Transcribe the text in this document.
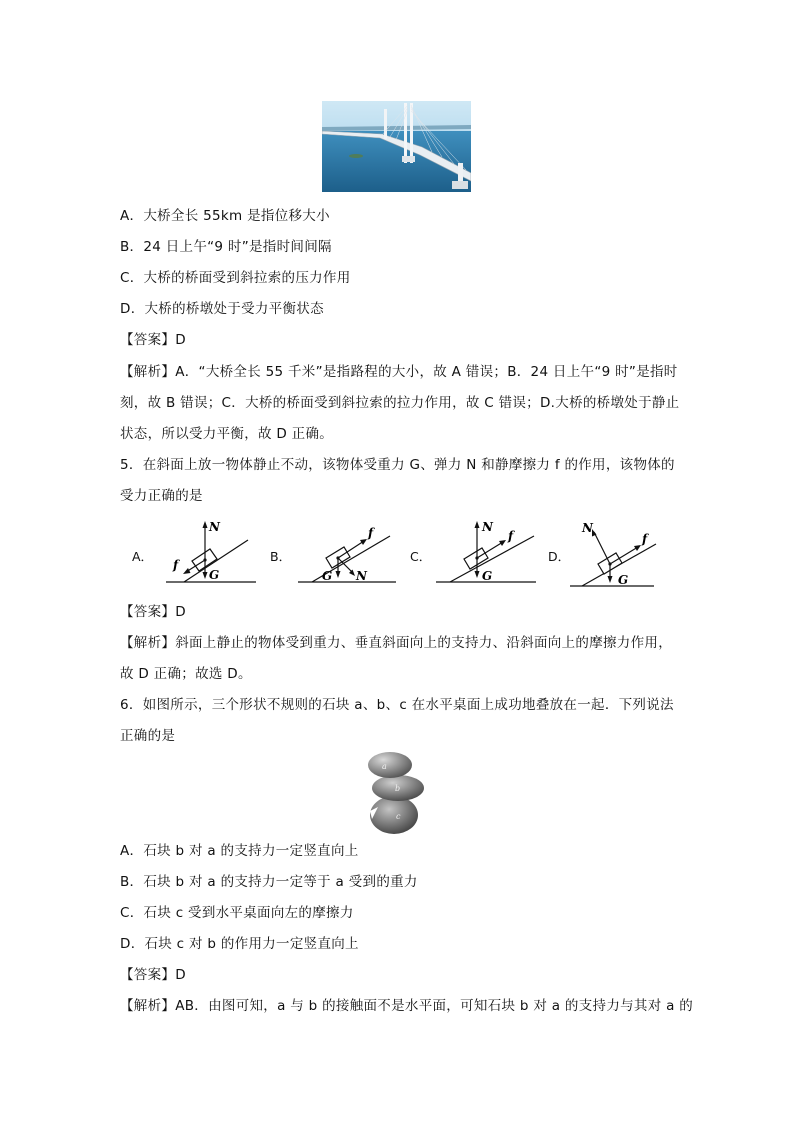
A．大桥全长 55km 是指位移大小
B．24 日上午“9 时”是指时间间隔
C．大桥的桥面受到斜拉索的压力作用
D．大桥的桥墩处于受力平衡状态
【答案】D
【解析】A．“大桥全长 55 千米”是指路程的大小，故 A 错误；B．24 日上午“9 时”是指时
刻，故 B 错误；C．大桥的桥面受到斜拉索的拉力作用，故 C 错误；D.大桥的桥墩处于静止
状态，所以受力平衡，故 D 正确。
5．在斜面上放一物体静止不动，该物体受重力 G、弹力 N 和静摩擦力 f 的作用，该物体的
受力正确的是
A．
N
G
f
B．
f
G N
C．
N
f
G
D．
N
f
G
【答案】D
【解析】斜面上静止的物体受到重力、垂直斜面向上的支持力、沿斜面向上的摩擦力作用，
故 D 正确；故选 D。
6．如图所示，三个形状不规则的石块 a、b、c 在水平桌面上成功地叠放在一起．下列说法
正确的是
a
b
c
A．石块 b 对 a 的支持力一定竖直向上
B．石块 b 对 a 的支持力一定等于 a 受到的重力
C．石块 c 受到水平桌面向左的摩擦力
D．石块 c 对 b 的作用力一定竖直向上
【答案】D
【解析】AB．由图可知，a 与 b 的接触面不是水平面，可知石块 b 对 a 的支持力与其对 a 的
